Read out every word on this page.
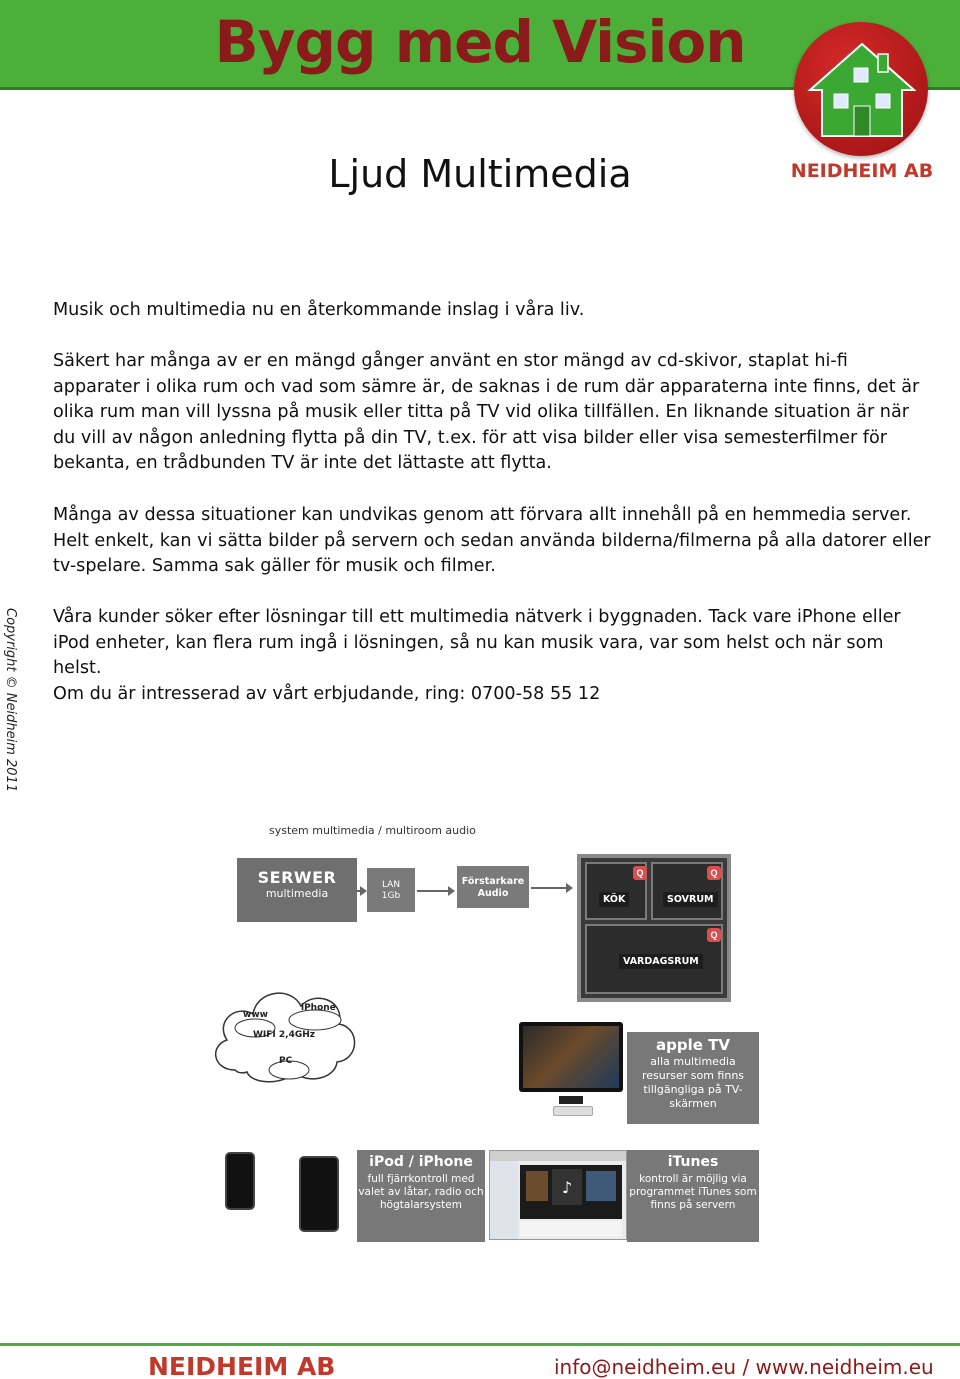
Bygg med Vision
NEIDHEIM AB
Ljud Multimedia
Copyright © Neidheim 2011

Musik och multimedia nu en återkommande inslag i våra liv.

Säkert har många av er en mängd gånger använt en stor mängd av cd-skivor, staplat hi-fi apparater i olika rum och vad som sämre är, de saknas i de rum där apparaterna inte finns, det är olika rum man vill lyssna på musik eller titta på TV vid olika tillfällen. En liknande situation är när du vill av någon anledning flytta på din TV, t.ex. för att visa bilder eller visa semesterfilmer för bekanta, en trådbunden TV är inte det lättaste att flytta.

Många av dessa situationer kan undvikas genom att förvara allt innehåll på en hemmedia server. Helt enkelt, kan vi sätta bilder på servern och sedan använda bilderna/filmerna på alla datorer eller tv-spelare. Samma sak gäller för musik och filmer.

Våra kunder söker efter lösningar till ett multimedia nätverk i byggnaden. Tack vare iPhone eller iPod enheter, kan flera rum ingå i lösningen, så nu kan musik vara, var som helst och när som helst.

Om du är intresserad av vårt erbjudande, ring: 0700-58 55 12

system multimedia / multiroom audio
SERWER
multimedia
LAN
1Gb
Förstarkare
Audio
KÖK	SOVRUM
VARDAGSRUM
Q	Q
Q
www
iPhone
WIFI 2,4GHz
PC
apple TV
alla multimedia resurser som finns tillgängliga på TV-skärmen
iPod / iPhone
full fjärrkontroll med valet av låtar, radio och högtalarsystem
♪
iTunes
kontroll är möjlig via programmet iTunes som finns på servern
NEIDHEIM AB	info@neidheim.eu / www.neidheim.eu
